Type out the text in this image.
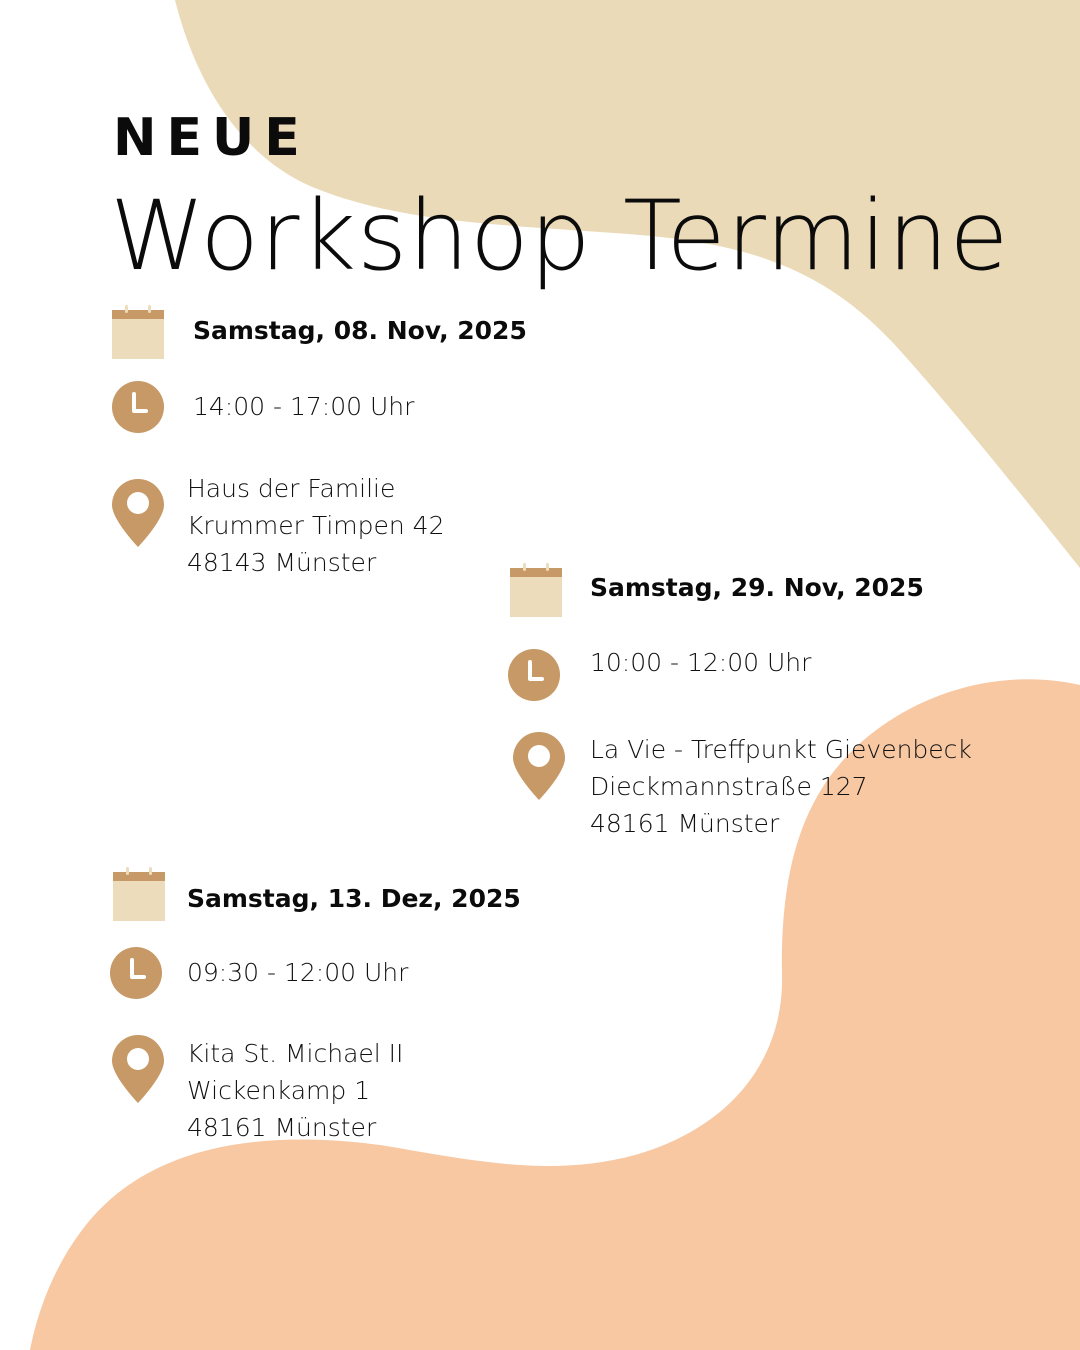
NEUE
Workshop Termine
Samstag, 08. Nov, 2025
14:00 - 17:00 Uhr
Haus der Familie
Krummer Timpen 42
48143 Münster
Samstag, 29. Nov, 2025
10:00 - 12:00 Uhr
La Vie - Treffpunkt Gievenbeck
Dieckmannstraße 127
48161 Münster
Samstag, 13. Dez, 2025
09:30 - 12:00 Uhr
Kita St. Michael II
Wickenkamp 1
48161 Münster
